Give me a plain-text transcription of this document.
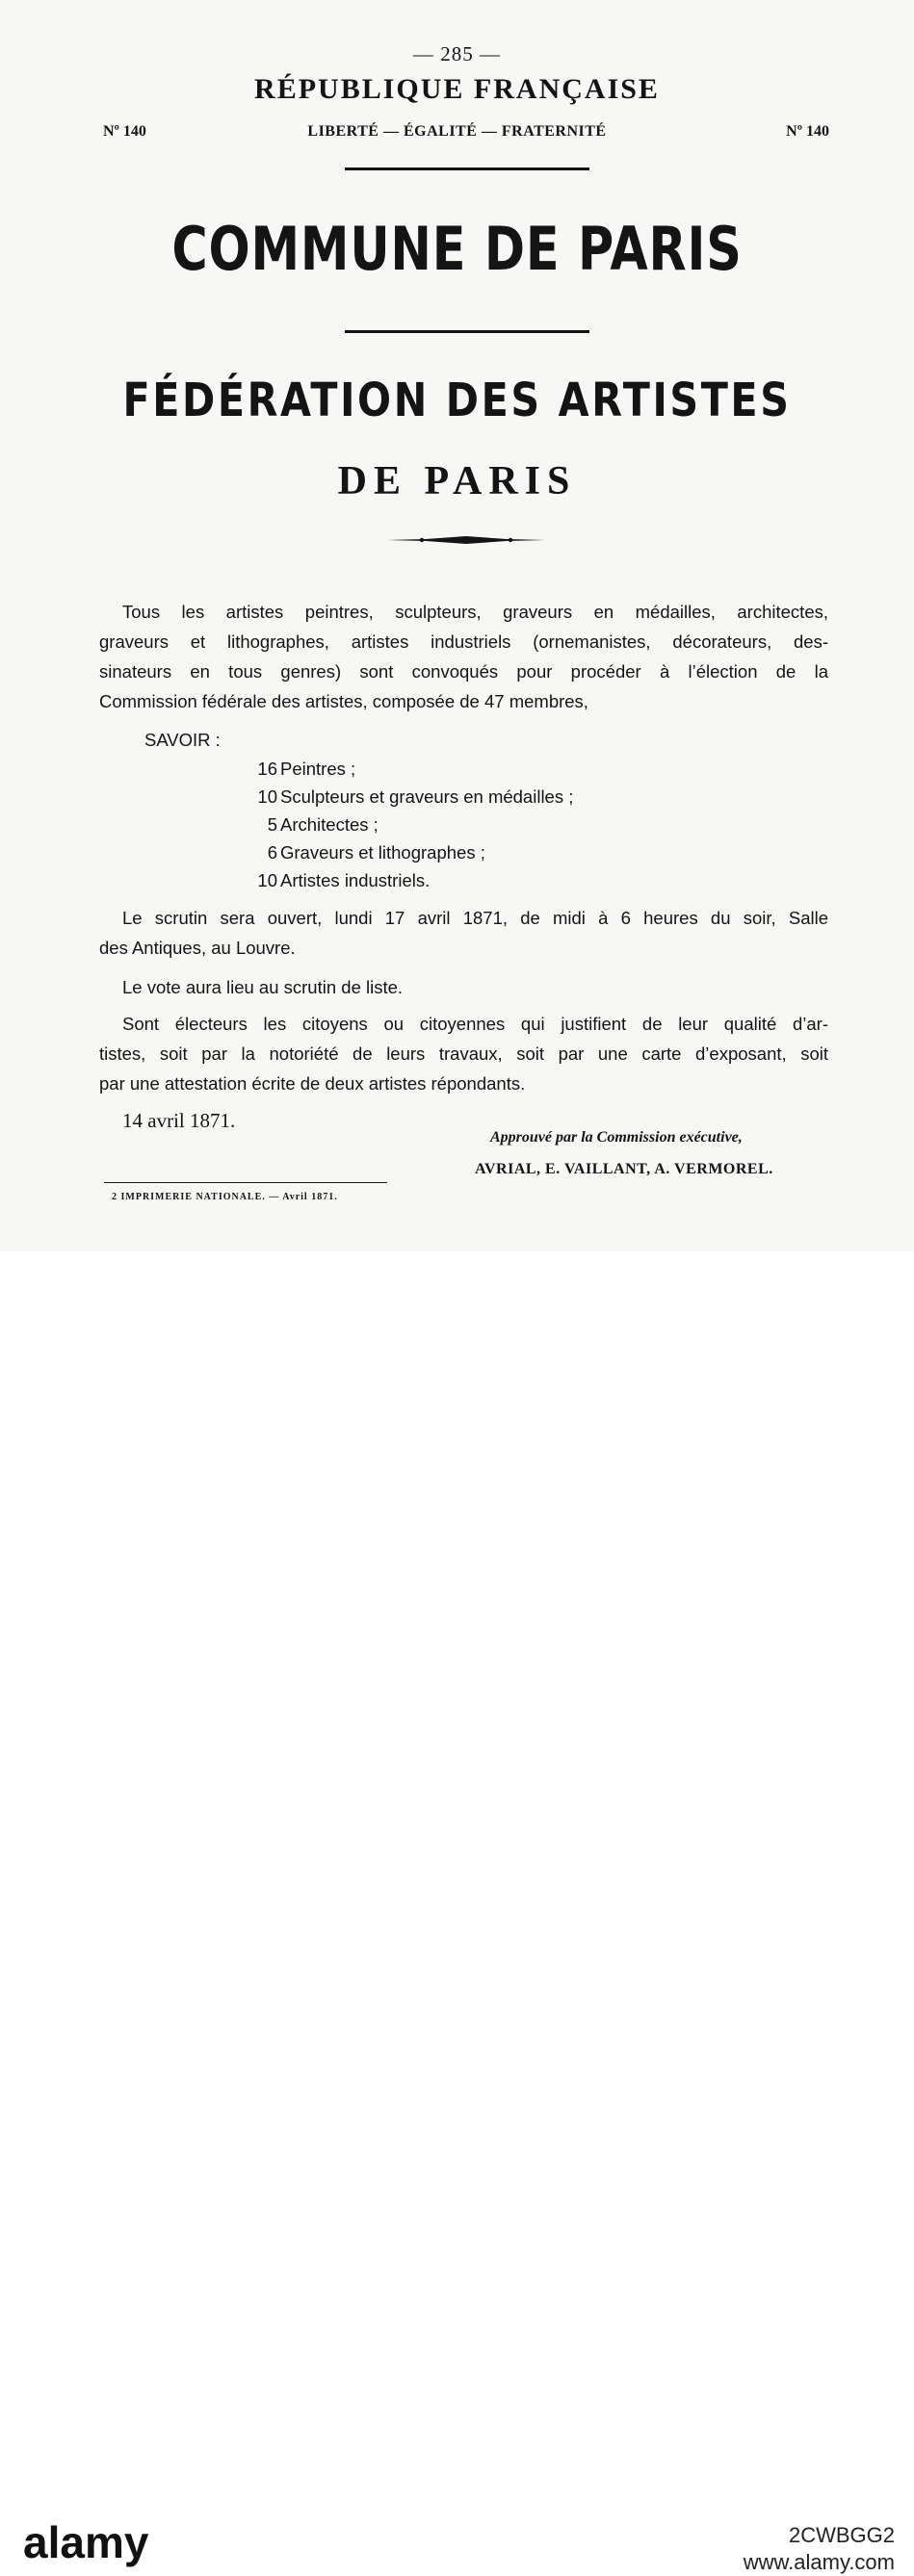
— 285 —
RÉPUBLIQUE FRANÇAISE
Nº 140	LIBERTÉ — ÉGALITÉ — FRATERNITÉ	Nº 140
COMMUNE DE PARIS
FÉDÉRATION DES ARTISTES
DE PARIS
Tous les artistes peintres, sculpteurs, graveurs en médailles, architectes,
graveurs et lithographes, artistes industriels (ornemanistes, décorateurs, des-
sinateurs en tous genres) sont convoqués pour procéder à l’élection de la
Commission fédérale des artistes, composée de 47 membres,
SAVOIR :
16 Peintres ;
10 Sculpteurs et graveurs en médailles ;
5 Architectes ;
6 Graveurs et lithographes ;
10 Artistes industriels.
Le scrutin sera ouvert, lundi 17 avril 1871, de midi à 6 heures du soir, Salle
des Antiques, au Louvre.
Le vote aura lieu au scrutin de liste.
Sont électeurs les citoyens ou citoyennes qui justifient de leur qualité d’ar-
tistes, soit par la notoriété de leurs travaux, soit par une carte d’exposant, soit
par une attestation écrite de deux artistes répondants.
14 avril 1871.
Approuvé par la Commission exécutive,
AVRIAL, E. VAILLANT, A. VERMOREL.
2 IMPRIMERIE NATIONALE. — Avril 1871.
alamy	2CWBGG2
www.alamy.com
